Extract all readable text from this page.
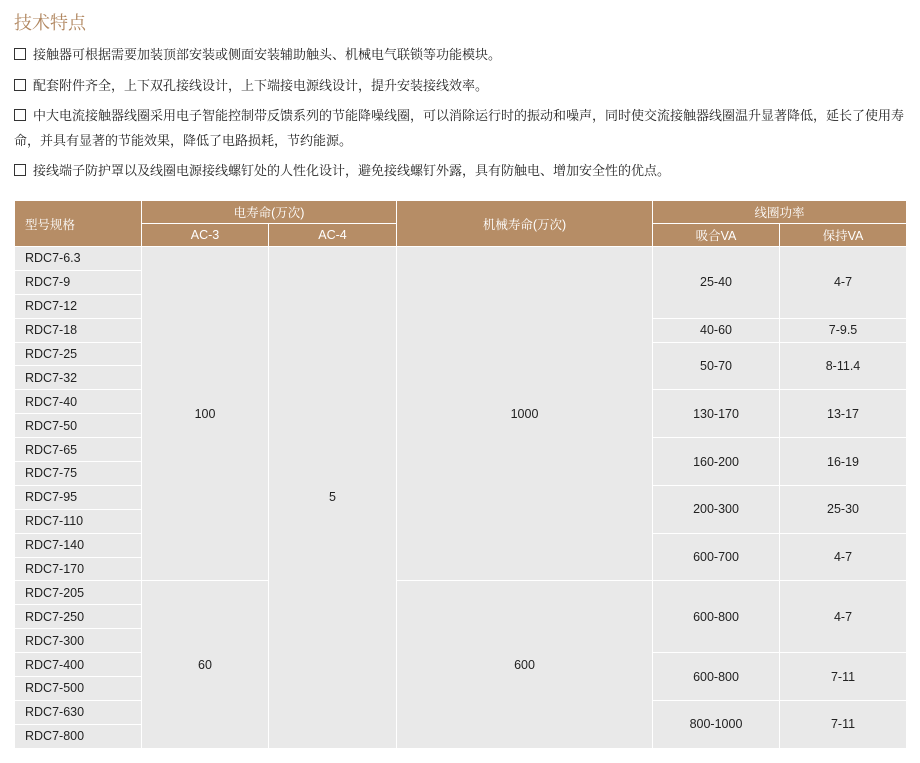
技术特点
接触器可根据需要加装顶部安装或侧面安装辅助触头、机械电气联锁等功能模块。
配套附件齐全，上下双孔接线设计，上下端接电源线设计，提升安装接线效率。
中大电流接触器线圈采用电子智能控制带反馈系列的节能降噪线圈，可以消除运行时的振动和噪声，同时使交流接触器线圈温升显著降低，延长了使用寿命，并具有显著的节能效果，降低了电路损耗，节约能源。
接线端子防护罩以及线圈电源接线螺钉处的人性化设计，避免接线螺钉外露，具有防触电、增加安全性的优点。
型号规格	电寿命(万次)		机械寿命(万次)	线圈功率	
	AC-3	AC-4		吸合VA	保持VA
RDC7-6.3	100	5	1000	25-40	4-7
RDC7-9					
RDC7-12					
RDC7-18				40-60	7-9.5
RDC7-25				50-70	8-11.4
RDC7-32					
RDC7-40				130-170	13-17
RDC7-50					
RDC7-65				160-200	16-19
RDC7-75					
RDC7-95				200-300	25-30
RDC7-110					
RDC7-140				600-700	4-7
RDC7-170					
RDC7-205	60		600	600-800	4-7
RDC7-250					
RDC7-300					
RDC7-400				600-800	7-11
RDC7-500					
RDC7-630				800-1000	7-11
RDC7-800					
